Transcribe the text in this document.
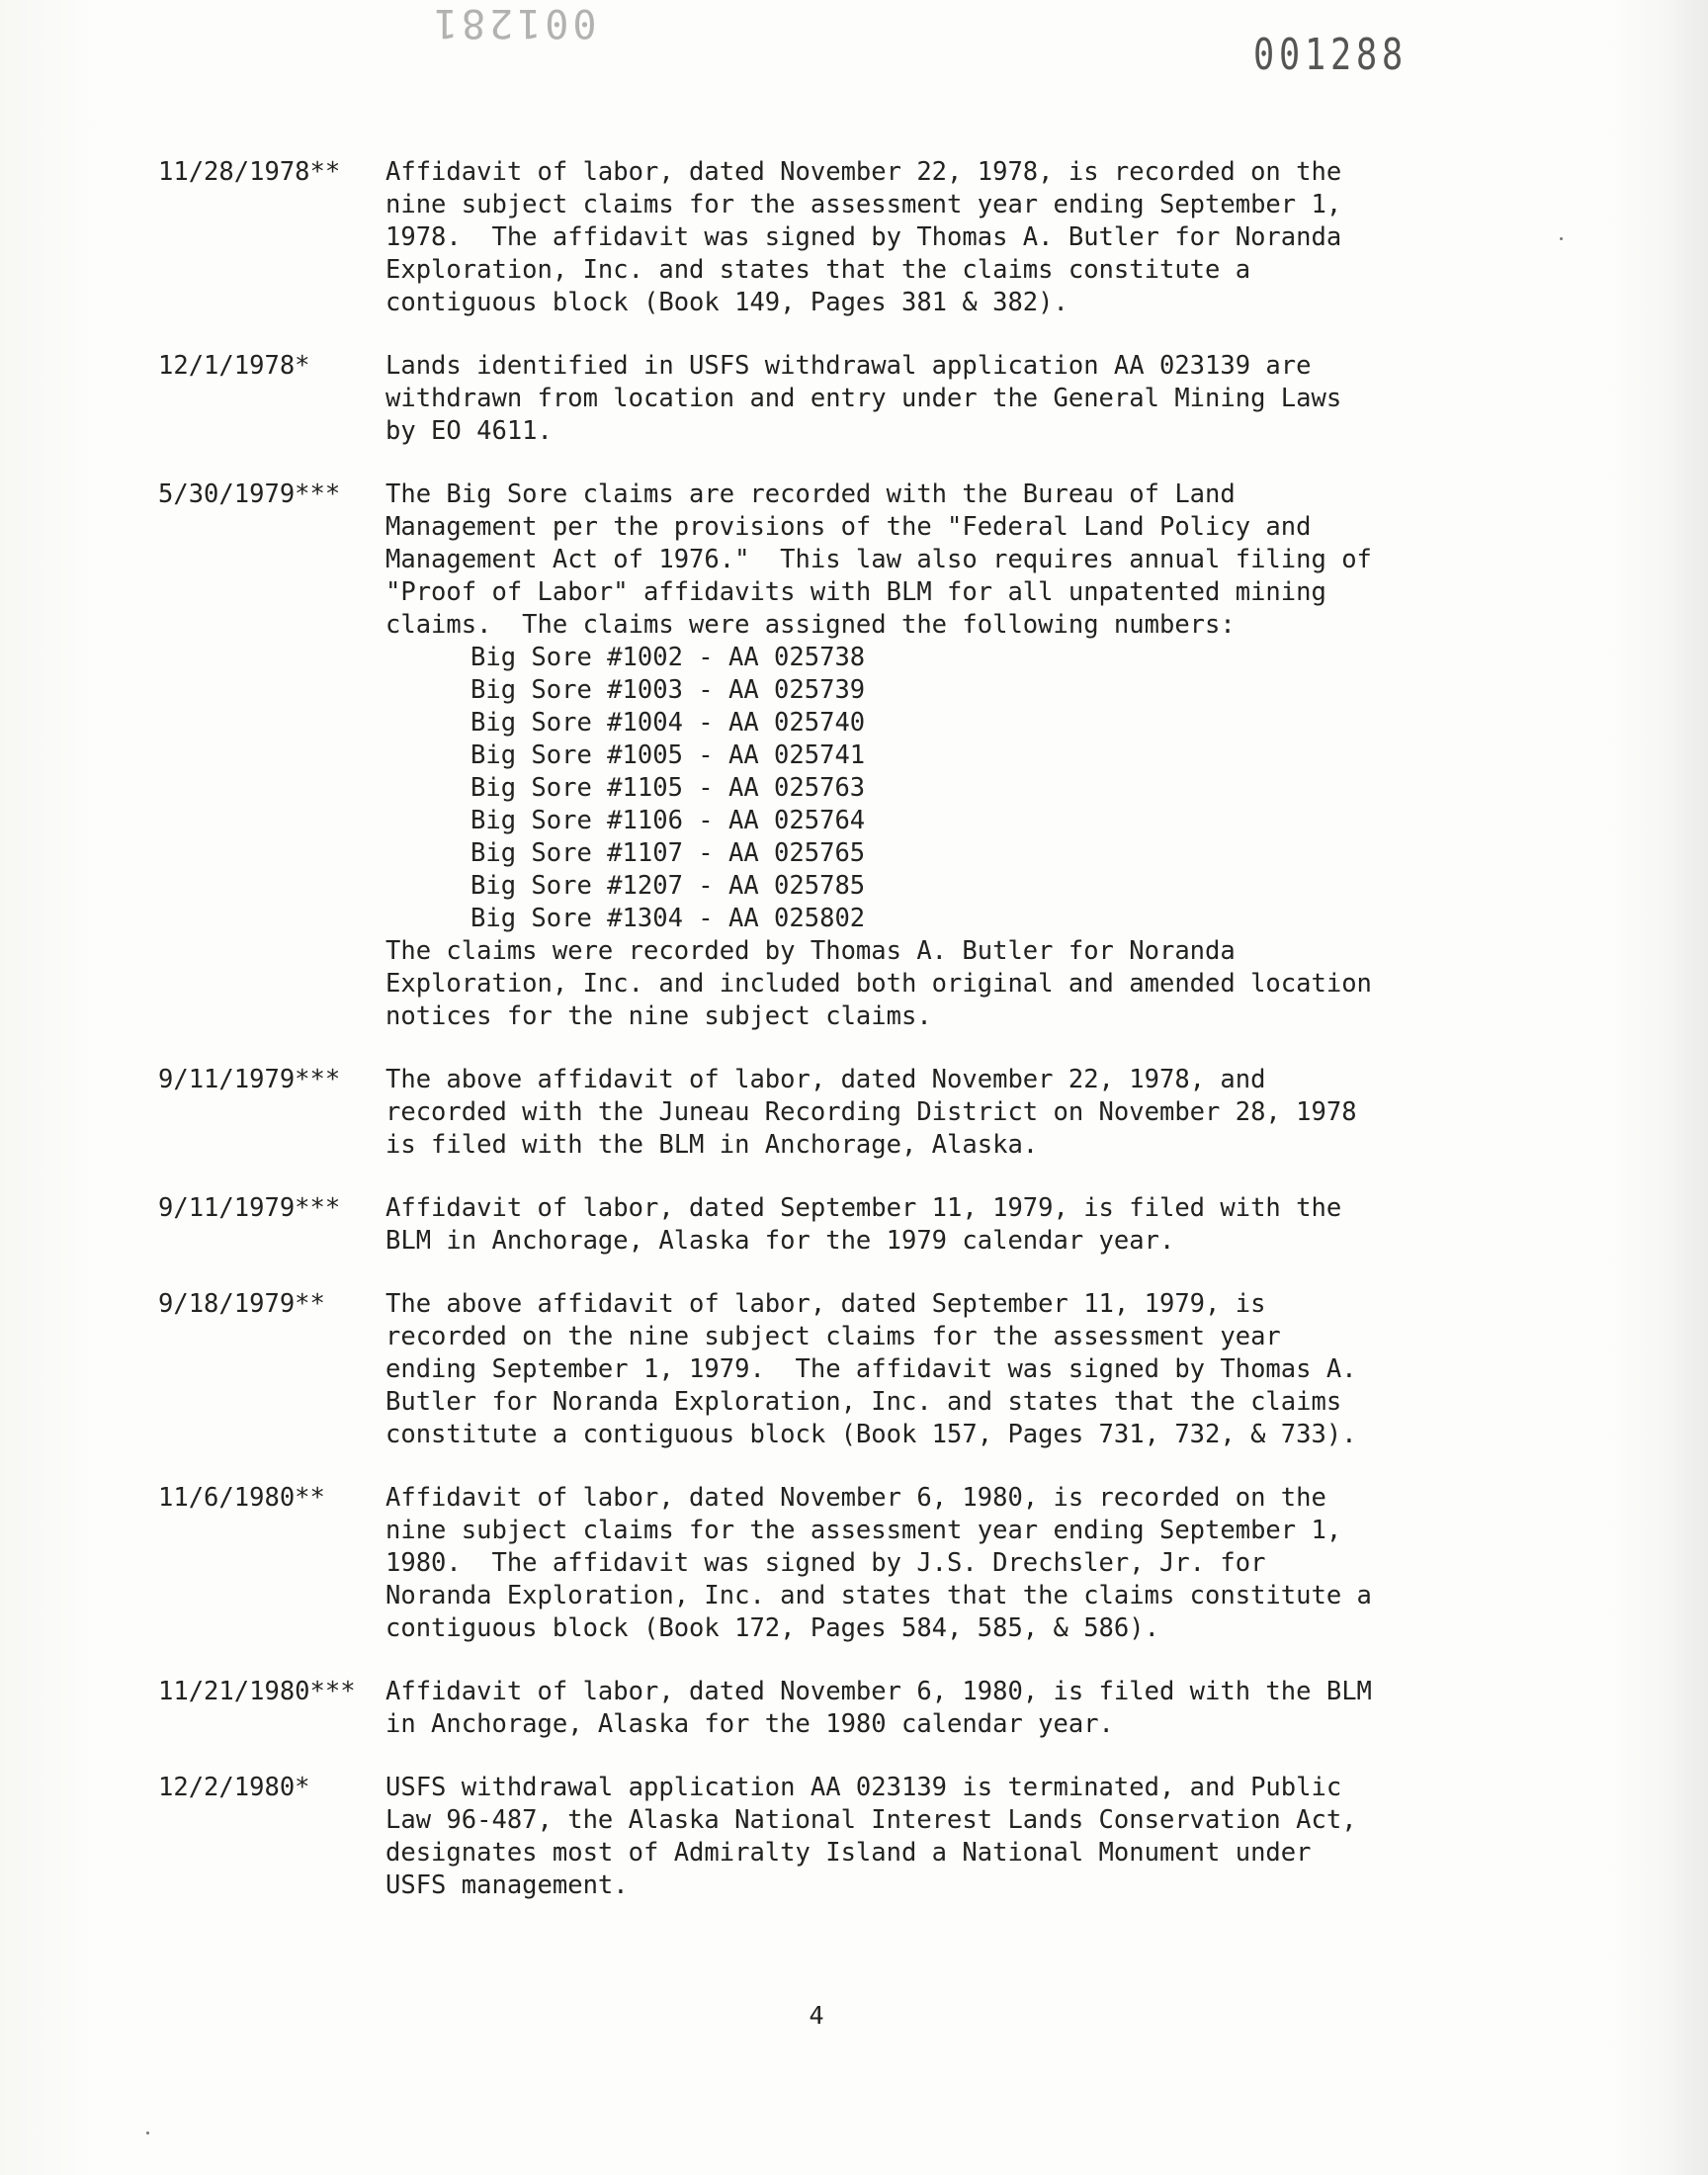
001281
001288
11/28/1978**	Affidavit of labor, dated November 22, 1978, is recorded on the
nine subject claims for the assessment year ending September 1,
1978.  The affidavit was signed by Thomas A. Butler for Noranda
Exploration, Inc. and states that the claims constitute a
contiguous block (Book 149, Pages 381 & 382).
12/1/1978*	Lands identified in USFS withdrawal application AA 023139 are
withdrawn from location and entry under the General Mining Laws
by EO 4611.
5/30/1979***	The Big Sore claims are recorded with the Bureau of Land
Management per the provisions of the "Federal Land Policy and
Management Act of 1976."  This law also requires annual filing of
"Proof of Labor" affidavits with BLM for all unpatented mining
claims.  The claims were assigned the following numbers:
Big Sore #1002 - AA 025738
Big Sore #1003 - AA 025739
Big Sore #1004 - AA 025740
Big Sore #1005 - AA 025741
Big Sore #1105 - AA 025763
Big Sore #1106 - AA 025764
Big Sore #1107 - AA 025765
Big Sore #1207 - AA 025785
Big Sore #1304 - AA 025802
The claims were recorded by Thomas A. Butler for Noranda
Exploration, Inc. and included both original and amended location
notices for the nine subject claims.
9/11/1979***	The above affidavit of labor, dated November 22, 1978, and
recorded with the Juneau Recording District on November 28, 1978
is filed with the BLM in Anchorage, Alaska.
9/11/1979***	Affidavit of labor, dated September 11, 1979, is filed with the
BLM in Anchorage, Alaska for the 1979 calendar year.
9/18/1979**	The above affidavit of labor, dated September 11, 1979, is
recorded on the nine subject claims for the assessment year
ending September 1, 1979.  The affidavit was signed by Thomas A.
Butler for Noranda Exploration, Inc. and states that the claims
constitute a contiguous block (Book 157, Pages 731, 732, & 733).
11/6/1980**	Affidavit of labor, dated November 6, 1980, is recorded on the
nine subject claims for the assessment year ending September 1,
1980.  The affidavit was signed by J.S. Drechsler, Jr. for
Noranda Exploration, Inc. and states that the claims constitute a
contiguous block (Book 172, Pages 584, 585, & 586).
11/21/1980***	Affidavit of labor, dated November 6, 1980, is filed with the BLM
in Anchorage, Alaska for the 1980 calendar year.
12/2/1980*	USFS withdrawal application AA 023139 is terminated, and Public
Law 96-487, the Alaska National Interest Lands Conservation Act,
designates most of Admiralty Island a National Monument under
USFS management.
4
